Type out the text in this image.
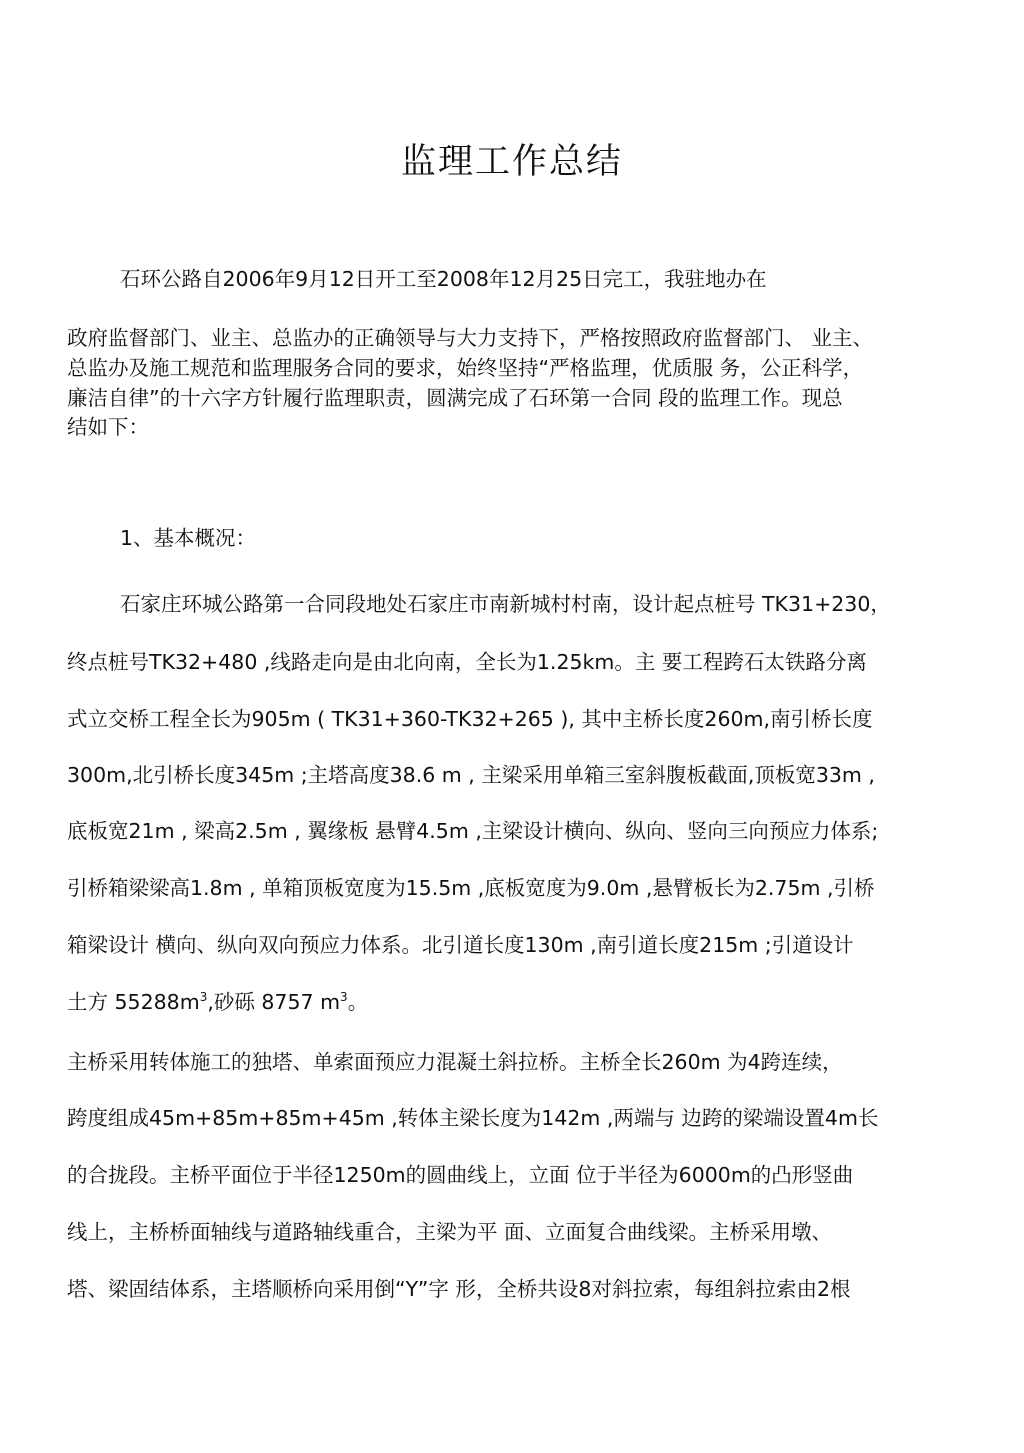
监理工作总结
石环公路自2006年9月12日开工至2008年12月25日完工，我驻地办在
政府监督部门、业主、总监办的正确领导与大力支持下，严格按照政府监督部门、 业主、
总监办及施工规范和监理服务合同的要求，始终坚持“严格监理，优质服 务，公正科学，
廉洁自律”的十六字方针履行监理职责，圆满完成了石环第一合同 段的监理工作。现总
结如下：
1、基本概况：
石家庄环城公路第一合同段地处石家庄市南新城村村南，设计起点桩号 TK31+230，
终点桩号TK32+480 ,线路走向是由北向南，全长为1.25km。主 要工程跨石太铁路分离
式立交桥工程全长为905m ( TK31+360-TK32+265 ), 其中主桥长度260m,南引桥长度
300m,北引桥长度345m ;主塔高度38.6 m , 主梁采用单箱三室斜腹板截面,顶板宽33m ,
底板宽21m , 梁高2.5m , 翼缘板 悬臂4.5m ,主梁设计横向、纵向、竖向三向预应力体系;
引桥箱梁梁高1.8m , 单箱顶板宽度为15.5m ,底板宽度为9.0m ,悬臂板长为2.75m ,引桥
箱梁设计 横向、纵向双向预应力体系。北引道长度130m ,南引道长度215m ;引道设计
土方 $55288m^3$,砂砾 8757 $m^3$。
主桥采用转体施工的独塔、单索面预应力混凝土斜拉桥。主桥全长260m 为4跨连续，
跨度组成45m+85m+85m+45m ,转体主梁长度为142m ,两端与 边跨的梁端设置4m长
的合拢段。主桥平面位于半径1250m的圆曲线上，立面 位于半径为6000m的凸形竖曲
线上，主桥桥面轴线与道路轴线重合，主梁为平 面、立面复合曲线梁。主桥采用墩、
塔、梁固结体系，主塔顺桥向采用倒“Y”字 形，全桥共设8对斜拉索，每组斜拉索由2根
